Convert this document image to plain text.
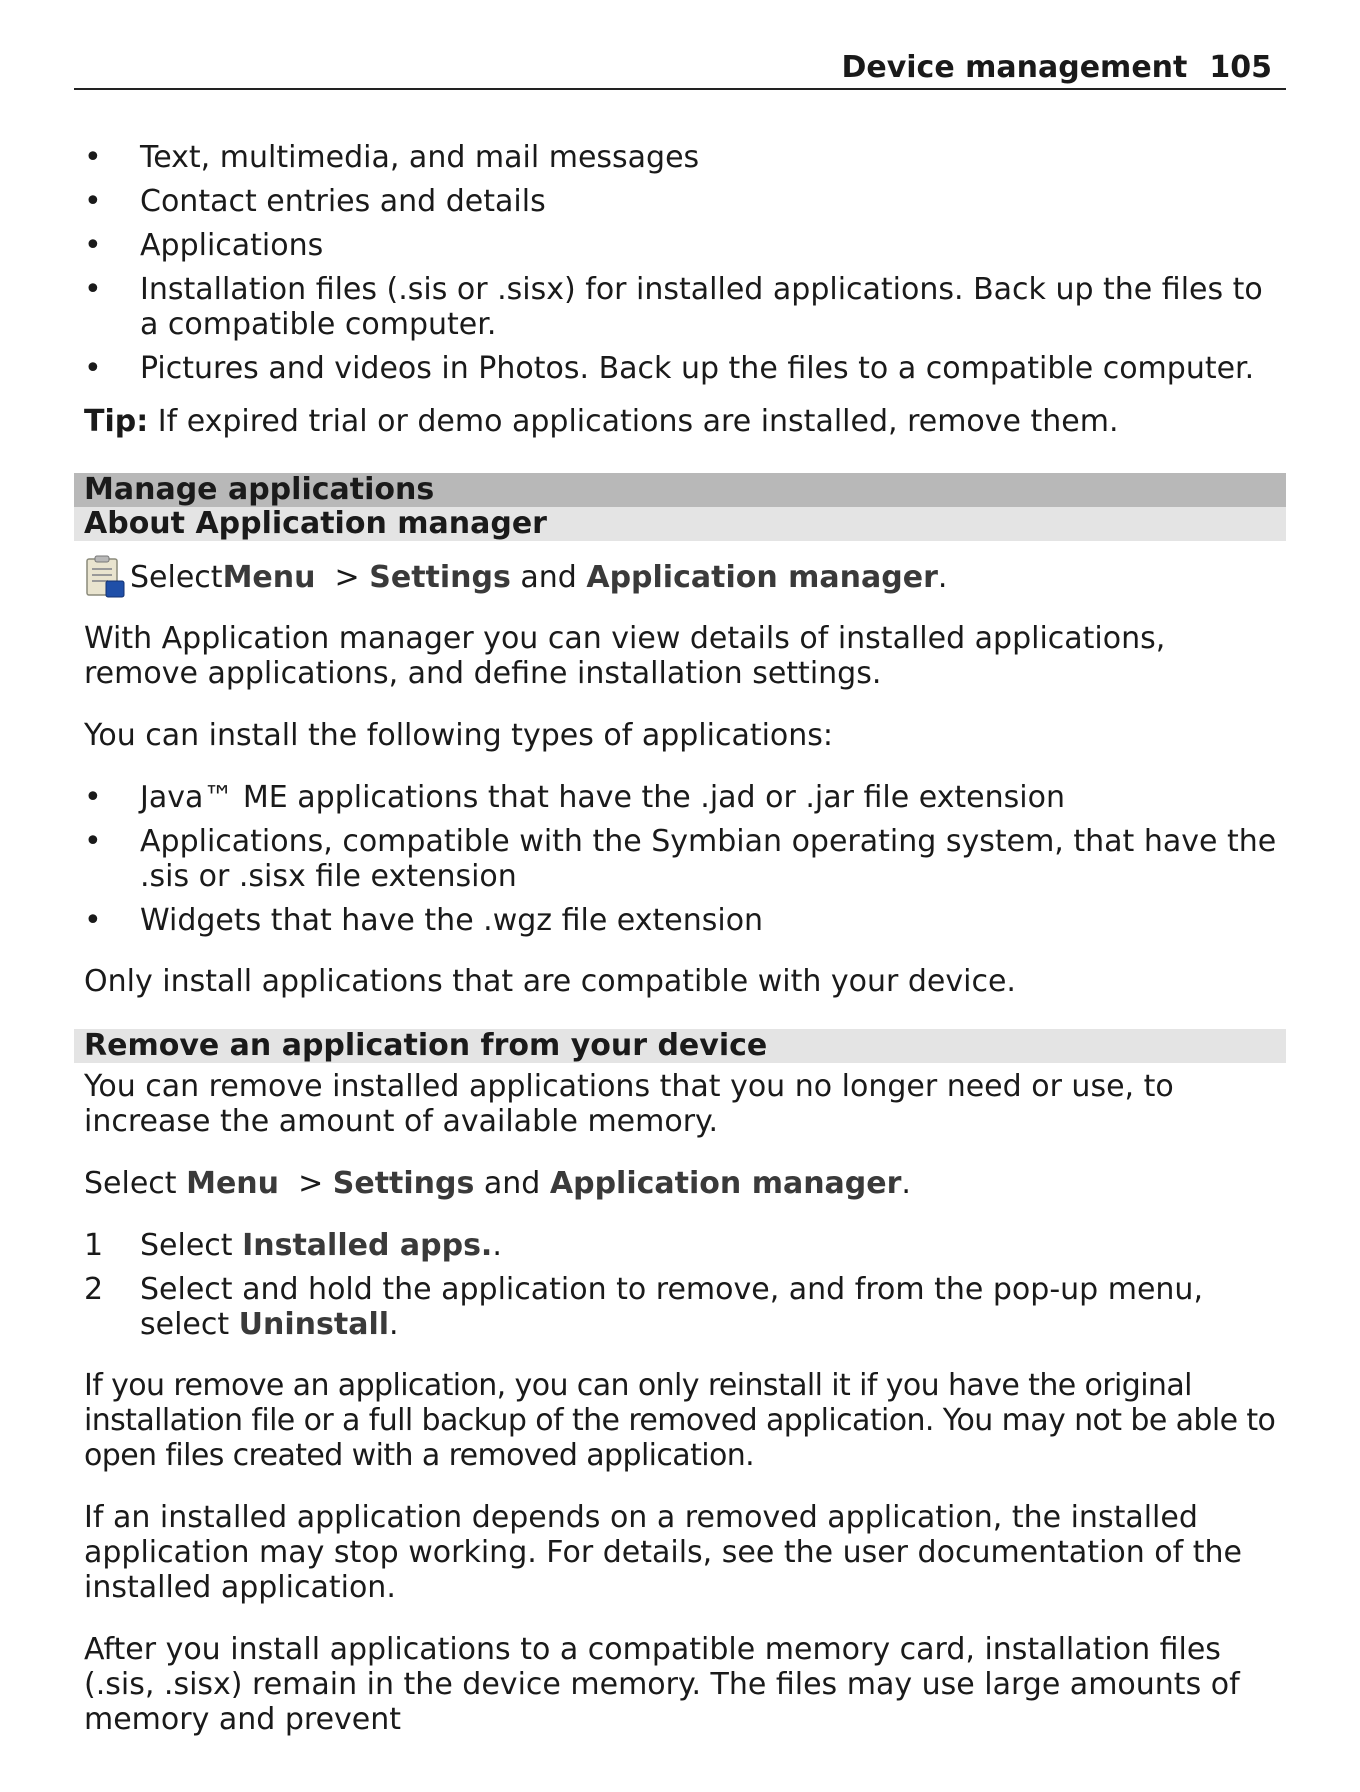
Device management 105
• Text, multimedia, and mail messages
• Contact entries and details
• Applications
• Installation files (.sis or .sisx) for installed applications. Back up the files to a compatible computer.
• Pictures and videos in Photos. Back up the files to a compatible computer.

Tip: If expired trial or demo applications are installed, remove them.

Manage applications
About Application manager

Select Menu > Settings and Application manager .

With Application manager you can view details of installed applications, remove applications, and define installation settings.

You can install the following types of applications:

• Java™ ME applications that have the .jad or .jar file extension
• Applications, compatible with the Symbian operating system, that have the .sis or .sisx file extension
• Widgets that have the .wgz file extension

Only install applications that are compatible with your device.

Remove an application from your device

You can remove installed applications that you no longer need or use, to increase the amount of available memory.

Select Menu  > Settings and Application manager.

1 Select Installed apps..
2 Select and hold the application to remove, and from the pop-up menu, select Uninstall.

If you remove an application, you can only reinstall it if you have the original installation file or a full backup of the removed application. You may not be able to open files created with a removed application.

If an installed application depends on a removed application, the installed application may stop working. For details, see the user documentation of the installed application.

After you install applications to a compatible memory card, installation files (.sis, .sisx) remain in the device memory. The files may use large amounts of memory and prevent
